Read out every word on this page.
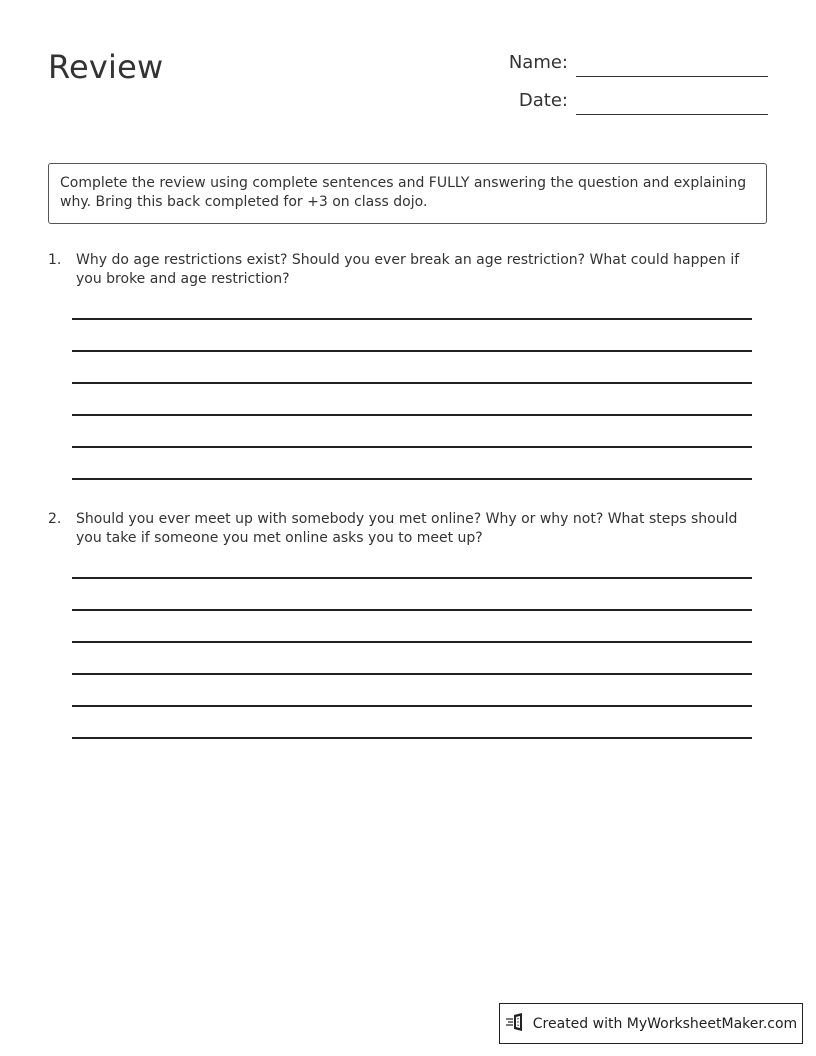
Review	Name:
Date:
Complete the review using complete sentences and FULLY answering the question and explaining why. Bring this back completed for +3 on class dojo.
1. Why do age restrictions exist? Should you ever break an age restriction? What could happen if you broke and age restriction?
2. Should you ever meet up with somebody you met online? Why or why not? What steps should you take if someone you met online asks you to meet up?
Created with MyWorksheetMaker.com
